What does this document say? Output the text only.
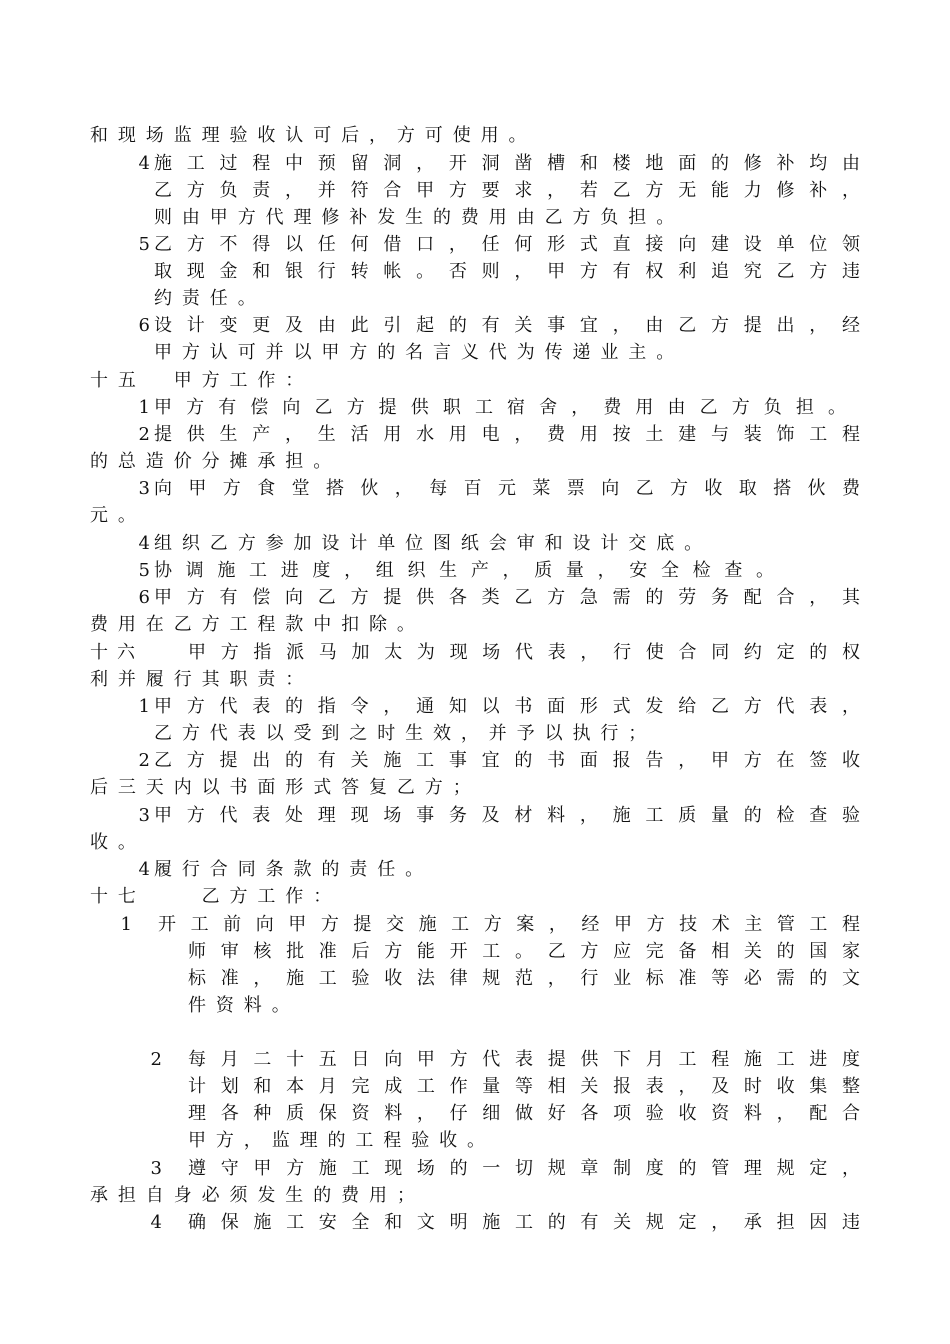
和现场监理验收认可后，方可使用。
4 施工过程中预留洞，开洞凿槽和楼地面的修补均由
乙方负责，并符合甲方要求，若乙方无能力修补，
则由甲方代理修补发生的费用由乙方负担。
5 乙方不得以任何借口，任何形式直接向建设单位领
取现金和银行转帐。否则，甲方有权利追究乙方违
约责任。
6 设计变更及由此引起的有关事宜，由乙方提出，经
甲方认可并以甲方的名言义代为传递业主。
十五　甲方工作：
1 甲方有偿向乙方提供职工宿舍，费用由乙方负担。
2 提供生产，生活用水用电，费用按土建与装饰工程
的总造价分摊承担。
3 向甲方食堂搭伙，每百元菜票向乙方收取搭伙费
元。
4 组织乙方参加设计单位图纸会审和设计交底。
5 协调施工进度，组织生产，质量，安全检查。
6 甲方有偿向乙方提供各类乙方急需的劳务配合，其
费用在乙方工程款中扣除。
十六	甲方指派马加太为现场代表，行使合同约定的权
利并履行其职责：
1 甲方代表的指令，通知以书面形式发给乙方代表，
乙方代表以受到之时生效，并予以执行；
2 乙方提出的有关施工事宜的书面报告，甲方在签收
后三天内以书面形式答复乙方；
3 甲方代表处理现场事务及材料，施工质量的检查验
收。
4 履行合同条款的责任。
十七　　乙方工作：
1 开工前向甲方提交施工方案，经甲方技术主管工程
师审核批准后方能开工。乙方应完备相关的国家
标准，施工验收法律规范，行业标准等必需的文
件资料。
2 每月二十五日向甲方代表提供下月工程施工进度
计划和本月完成工作量等相关报表，及时收集整
理各种质保资料，仔细做好各项验收资料，配合
甲方，监理的工程验收。
3 遵守甲方施工现场的一切规章制度的管理规定，
承担自身必须发生的费用；
4 确保施工安全和文明施工的有关规定，承担因违
